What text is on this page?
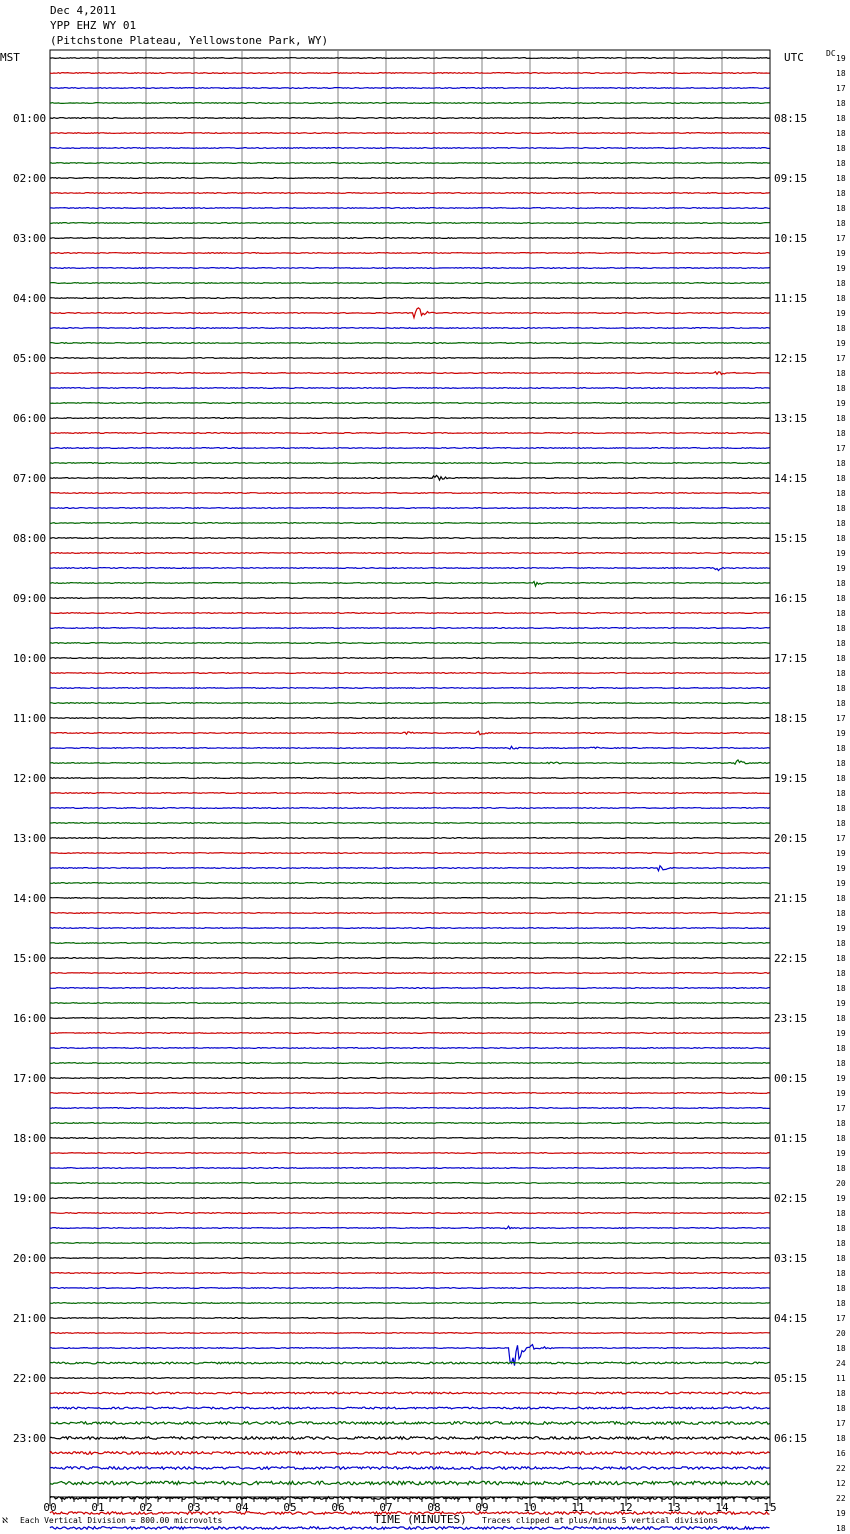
Dec 4,2011
YPP EHZ WY 01
(Pitchstone Plateau, Yellowstone Park, WY)
MST	UTC	DC
01:00
02:00
03:00
04:00
05:00
06:00
07:00
08:00
09:00
10:00
11:00
12:00
13:00
14:00
15:00
16:00
17:00
18:00
19:00
20:00
21:00
22:00
23:00
08:15
09:15
10:15
11:15
12:15
13:15
14:15
15:15
16:15
17:15
18:15
19:15
20:15
21:15
22:15
23:15
00:15
01:15
02:15
03:15
04:15
05:15
06:15
19
18
17
18
18
18
18
18
18
18
18
18
17
19
19
18
18
19
18
19
17
18
18
19
18
18
17
18
18
18
18
18
18
19
19
18
18
18
18
18
18
18
18
18
17
19
18
18
18
18
18
18
17
19
19
19
18
18
19
18
18
18
18
19
18
19
18
18
19
19
17
18
18
19
18
20
19
18
18
18
18
18
18
18
17
20
18
24
11
18
18
17
18
16
22
12
22
19
18
00	01	02	03	04	05	06	07	08	09	10	11	12	13	14	15
ℵ Each Vertical Division = 800.00 microvolts	TIME (MINUTES) Traces clipped at plus/minus 5 vertical divisions
